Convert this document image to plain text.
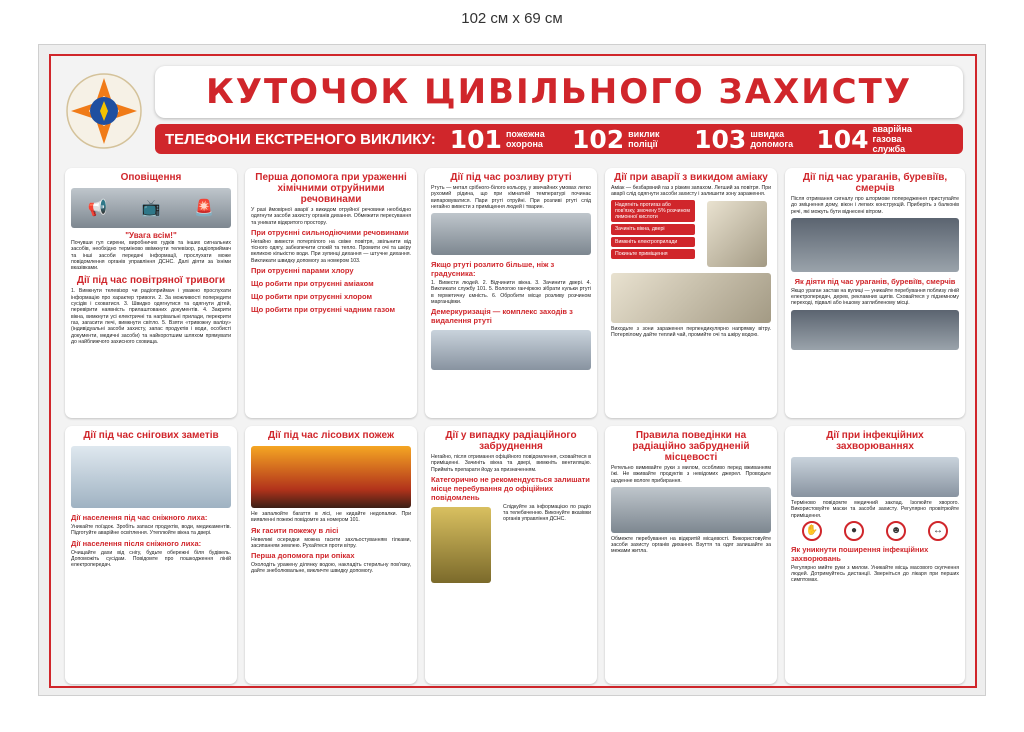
102 см х 69 см
КУТОЧОК ЦИВІЛЬНОГО ЗАХИСТУ
ТЕЛЕФОНИ ЕКСТРЕНОГО ВИКЛИКУ: 101 пожежна охорона	102 виклик поліції	103 швидка допомога 104 аварійна газова служба
Оповіщення
📢 📺 🚨
"Увага всім!"

Почувши гул сирени, виробничих гудків та інших сигнальних засобів, необхідно терміново ввімкнути телевізор, радіоприймач та інші засоби передачі інформації, прослухати може повідомлення органів управління ДСНС. Далі діяти за їхніми вказівками.

Дії під час повітряної тривоги

1. Вимкнути телевізор чи радіоприймач і уважно прослухати інформацію про характер тривоги. 2. За можливості попередити сусідів і сховатися. 3. Швидко одягнутися та одягнути дітей, перевірити наявність прилаштованих документів. 4. Закрити вікна, вимкнути усі електричні та нагрівальні прилади, перекрити газ, загасити печі, вимкнути світло. 5. Взяти «тривожну валізу» (індивідуальні засоби захисту, запас продуктів і води, особисті документи, медичні засоби) та найкоротшим шляхом прямувати до найближчого захисного сховища.

Перша допомога при ураженні хімічними отруйними речовинами

У разі ймовірної аварії з викидом отруйної речовини необхідно одягнути засоби захисту органів дихання. Обмежити пересування та уникати відкритого простору.

При отруєнні сильнодіючими речовинами

Негайно вивести потерпілого на свіже повітря, звільнити від тісного одягу, забезпечити спокій та тепло. Промити очі та шкіру великою кількістю води. При зупинці дихання — штучне дихання. Викликати швидку допомогу за номером 103.

При отруєнні парами хлору
Що робити при отруєнні аміаком
Що робити при отруєнні хлором
Що робити при отруєнні чадним газом
Дії під час розливу ртуті

Ртуть — метал срібного-білого кольору, у звичайних умовах легко рухомий рідина, що при кімнатній температурі починає випаровуватися. Пари ртуті отруйні. При розливі ртуті слід негайно вивести з приміщення людей і тварин.

Якщо ртуті розлито більше, ніж з градусника:

1. Вивести людей. 2. Відчинити вікна. 3. Зачинити двері. 4. Викликати службу 101. 5. Вологою ганчіркою зібрати кульки ртуті в герметичну ємність. 6. Обробити місце розливу розчином марганцівки.

Демеркуризація — комплекс заходів з видалення ртуті
Дії при аварії з викидом аміаку

Аміак — безбарвний газ з різким запахом. Легший за повітря. При аварії слід одягнути засоби захисту і залишити зону зараження.

Надягніть протигаз або пов'язку, змочену 5% розчином лимонної кислоти
Зачиніть вікна, двері
Вимкніть електроприлади
Покиньте приміщення

Виходьте з зони зараження перпендикулярно напрямку вітру. Потерпілому дайте теплий чай, промийте очі та шкіру водою.

Дії під час ураганів, буревіїв, смерчів

Після отримання сигналу про штормове попередження приступайте до зміцнення дому, вікон і легких конструкцій. Приберіть з балконів речі, які можуть бути віднесені вітром.

Як діяти під час ураганів, буревіїв, смерчів

Якщо ураган застав на вулиці — уникайте перебування поблизу ліній електропередач, дерев, рекламних щитів. Сховайтеся у підземному переході, підвалі або іншому заглибленому місці.

Дії під час снігових заметів
Дії населення під час сніжного лиха:

Уникайте поїздок. Зробіть запаси продуктів, води, медикаментів. Підготуйте аварійне освітлення. Утеплюйте вікна та двері.

Дії населення після сніжного лиха:

Очищайте дахи від снігу, будьте обережні біля будівель. Допоможіть сусідам. Повідомте про пошкодження ліній електропередач.

Дії під час лісових пожеж

Не запалюйте багаття в лісі, не кидайте недопалки. При виявленні пожежі повідомте за номером 101.

Як гасити пожежу в лісі

Невеликі осередки можна гасити захльостуванням гілками, засипанням землею. Рухайтеся проти вітру.

Перша допомога при опіках

Охолодіть уражену ділянку водою, накладіть стерильну пов'язку, дайте знеболювальне, викличте швидку допомогу.

Дії у випадку радіаційного забруднення

Негайно, після отримання офіційного повідомлення, сховайтеся в приміщенні. Зачиніть вікна та двері, вимкніть вентиляцію. Прийміть препарати йоду за призначенням.

Категорично не рекомендується залишати місце перебування до офіційних повідомлень

Слідкуйте за інформацією по радіо та телебаченню. Виконуйте вказівки органів управління ДСНС.

Правила поведінки на радіаційно забрудненій місцевості

Ретельно вимивайте руки з милом, особливо перед вживанням їжі. Не вживайте продуктів з невідомих джерел. Проводьте щоденне вологе прибирання.

Обмежте перебування на відкритій місцевості. Використовуйте засоби захисту органів дихання. Взуття та одяг залишайте за межами житла.

Дії при інфекційних захворюваннях

Терміново повідомте медичний заклад. Ізолюйте хворого. Використовуйте маски та засоби захисту. Регулярно провітрюйте приміщення.

✋	●	☻	↔
Як уникнути поширення інфекційних захворювань

Регулярно мийте руки з милом. Уникайте місць масового скупчення людей. Дотримуйтесь дистанції. Зверніться до лікаря при перших симптомах.
